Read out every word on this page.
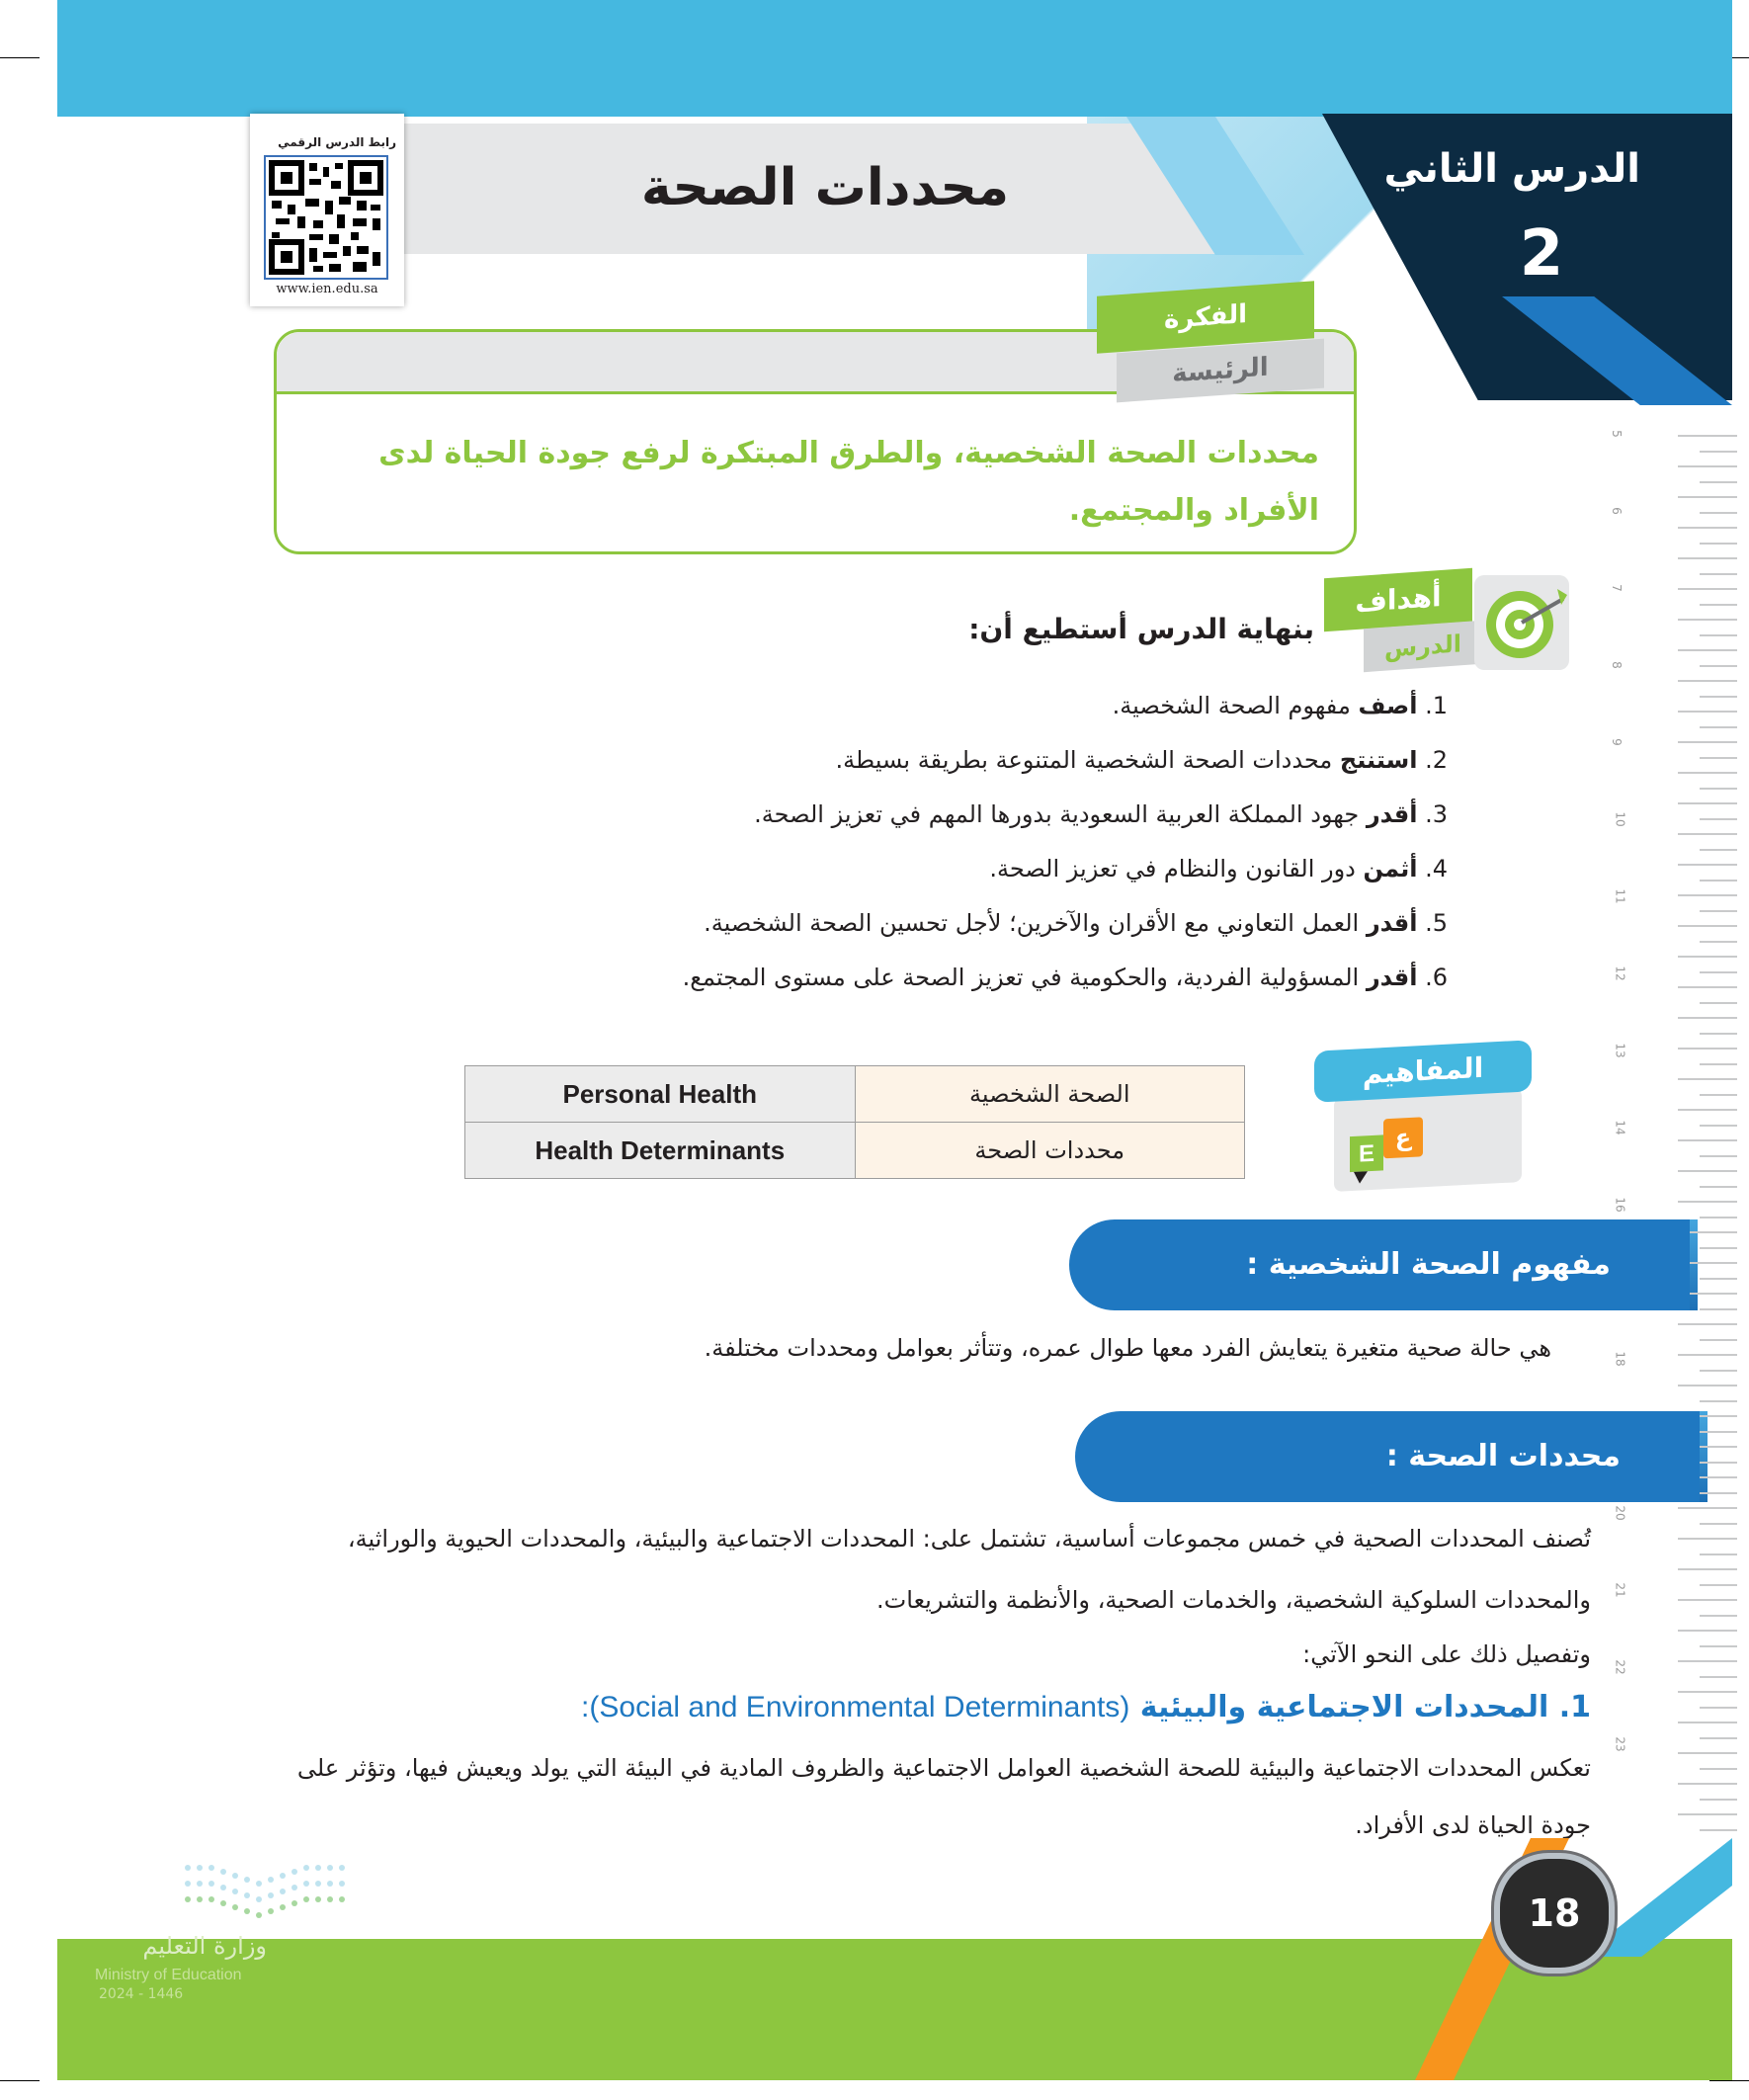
الدرس الثاني
2
محددات الصحة
رابط الدرس الرقمي
www.ien.edu.sa
5
6
7
8
9
10
11
12
13
14
16
18
20
21
22
23
الفكرة
الرئيسة
محددات الصحة الشخصية، والطرق المبتكرة لرفع جودة الحياة لدى الأفراد والمجتمع.
أهداف
الدرس
بنهاية الدرس أستطيع أن:
1. أصف مفهوم الصحة الشخصية.
2. استنتج محددات الصحة الشخصية المتنوعة بطريقة بسيطة.
3. أقدر جهود المملكة العربية السعودية بدورها المهم في تعزيز الصحة.
4. أثمن دور القانون والنظام في تعزيز الصحة.
5. أقدر العمل التعاوني مع الأقران والآخرين؛ لأجل تحسين الصحة الشخصية.
6. أقدر المسؤولية الفردية، والحكومية في تعزيز الصحة على مستوى المجتمع.
E
ع
المفاهيم
Personal Health	الصحة الشخصية
Health Determinants	محددات الصحة
مفهوم الصحة الشخصية :
هي حالة صحية متغيرة يتعايش الفرد معها طوال عمره، وتتأثر بعوامل ومحددات مختلفة.
محددات الصحة :
تُصنف المحددات الصحية في خمس مجموعات أساسية، تشتمل على: المحددات الاجتماعية والبيئية، والمحددات الحيوية والوراثية،
والمحددات السلوكية الشخصية، والخدمات الصحية، والأنظمة والتشريعات.
وتفصيل ذلك على النحو الآتي:
1. المحددات الاجتماعية والبيئية (Social and Environmental Determinants):
تعكس المحددات الاجتماعية والبيئية للصحة الشخصية العوامل الاجتماعية والظروف المادية في البيئة التي يولد ويعيش فيها، وتؤثر على
جودة الحياة لدى الأفراد.
18
وزارة التعليم
Ministry of Education
2024 - 1446
